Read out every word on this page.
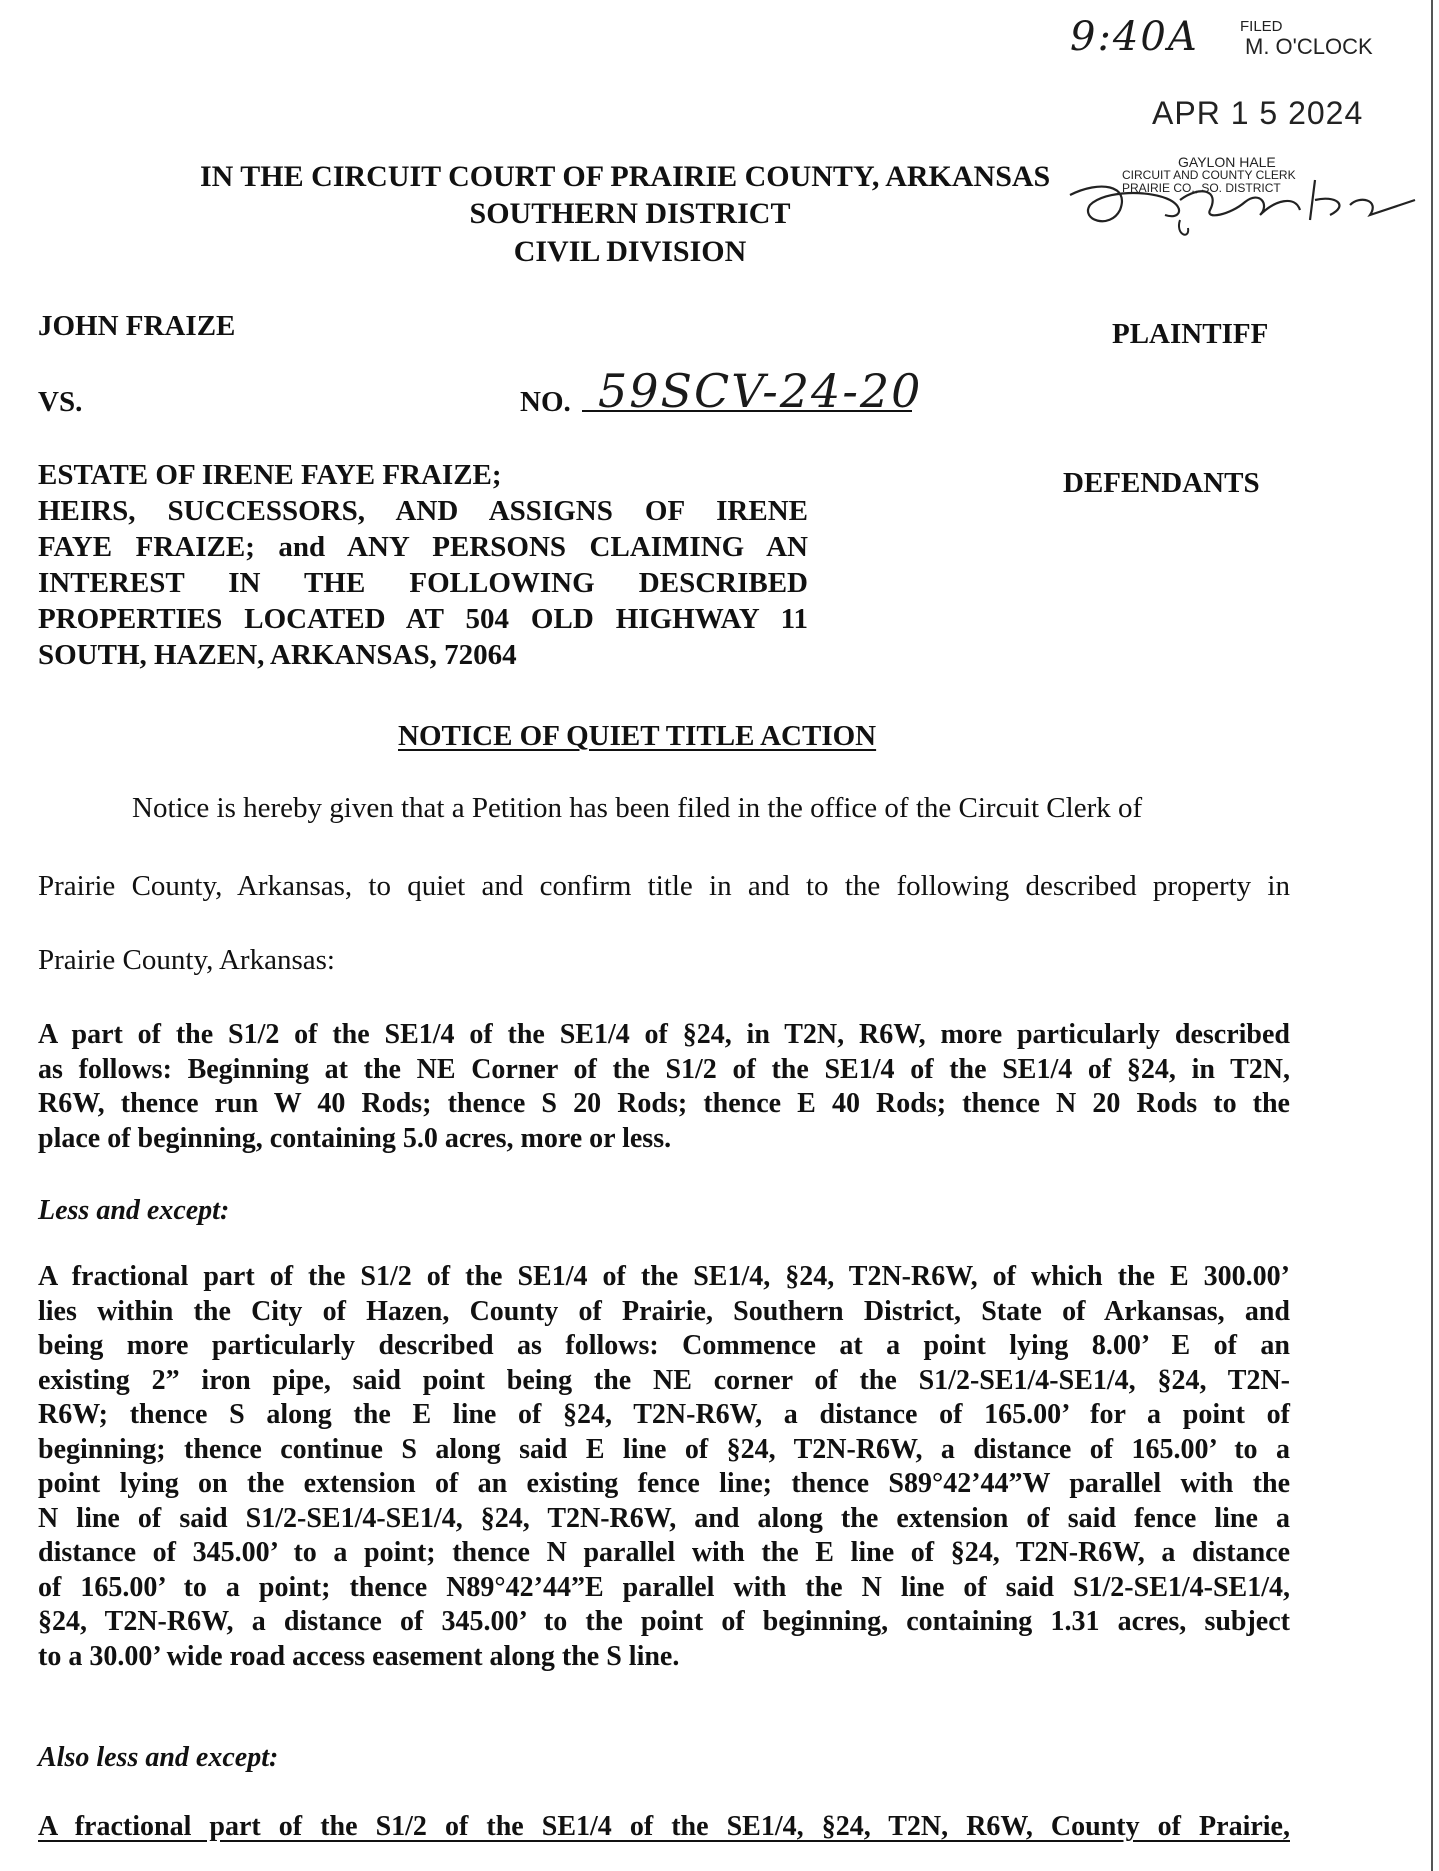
9:40A	FILED
M. O'CLOCK
APR 1 5 2024
GAYLON HALE
CIRCUIT AND COUNTY CLERK
PRAIRIE CO., SO. DISTRICT
IN THE CIRCUIT COURT OF PRAIRIE COUNTY, ARKANSAS
SOUTHERN DISTRICT
CIVIL DIVISION
JOHN FRAIZE	PLAINTIFF
VS.	NO. 59SCV-24-20
ESTATE OF IRENE FAYE FRAIZE;
HEIRS, SUCCESSORS, AND ASSIGNS OF IRENE
FAYE FRAIZE; and ANY PERSONS CLAIMING AN
INTEREST IN THE FOLLOWING DESCRIBED
PROPERTIES LOCATED AT 504 OLD HIGHWAY 11
SOUTH, HAZEN, ARKANSAS, 72064
DEFENDANTS
NOTICE OF QUIET TITLE ACTION
Notice is hereby given that a Petition has been filed in the office of the Circuit Clerk of
Prairie County, Arkansas, to quiet and confirm title in and to the following described property in
Prairie County, Arkansas:
A part of the S1/2 of the SE1/4 of the SE1/4 of §24, in T2N, R6W, more particularly described
as follows: Beginning at the NE Corner of the S1/2 of the SE1/4 of the SE1/4 of §24, in T2N,
R6W, thence run W 40 Rods; thence S 20 Rods; thence E 40 Rods; thence N 20 Rods to the
place of beginning, containing 5.0 acres, more or less.
Less and except:
A fractional part of the S1/2 of the SE1/4 of the SE1/4, §24, T2N-R6W, of which the E 300.00’
lies within the City of Hazen, County of Prairie, Southern District, State of Arkansas, and
being more particularly described as follows: Commence at a point lying 8.00’ E of an
existing 2” iron pipe, said point being the NE corner of the S1/2-SE1/4-SE1/4, §24, T2N-
R6W; thence S along the E line of §24, T2N-R6W, a distance of 165.00’ for a point of
beginning; thence continue S along said E line of §24, T2N-R6W, a distance of 165.00’ to a
point lying on the extension of an existing fence line; thence S89°42’44”W parallel with the
N line of said S1/2-SE1/4-SE1/4, §24, T2N-R6W, and along the extension of said fence line a
distance of 345.00’ to a point; thence N parallel with the E line of §24, T2N-R6W, a distance
of 165.00’ to a point; thence N89°42’44”E parallel with the N line of said S1/2-SE1/4-SE1/4,
§24, T2N-R6W, a distance of 345.00’ to the point of beginning, containing 1.31 acres, subject
to a 30.00’ wide road access easement along the S line.
Also less and except:
A fractional part of the S1/2 of the SE1/4 of the SE1/4, §24, T2N, R6W, County of Prairie,
